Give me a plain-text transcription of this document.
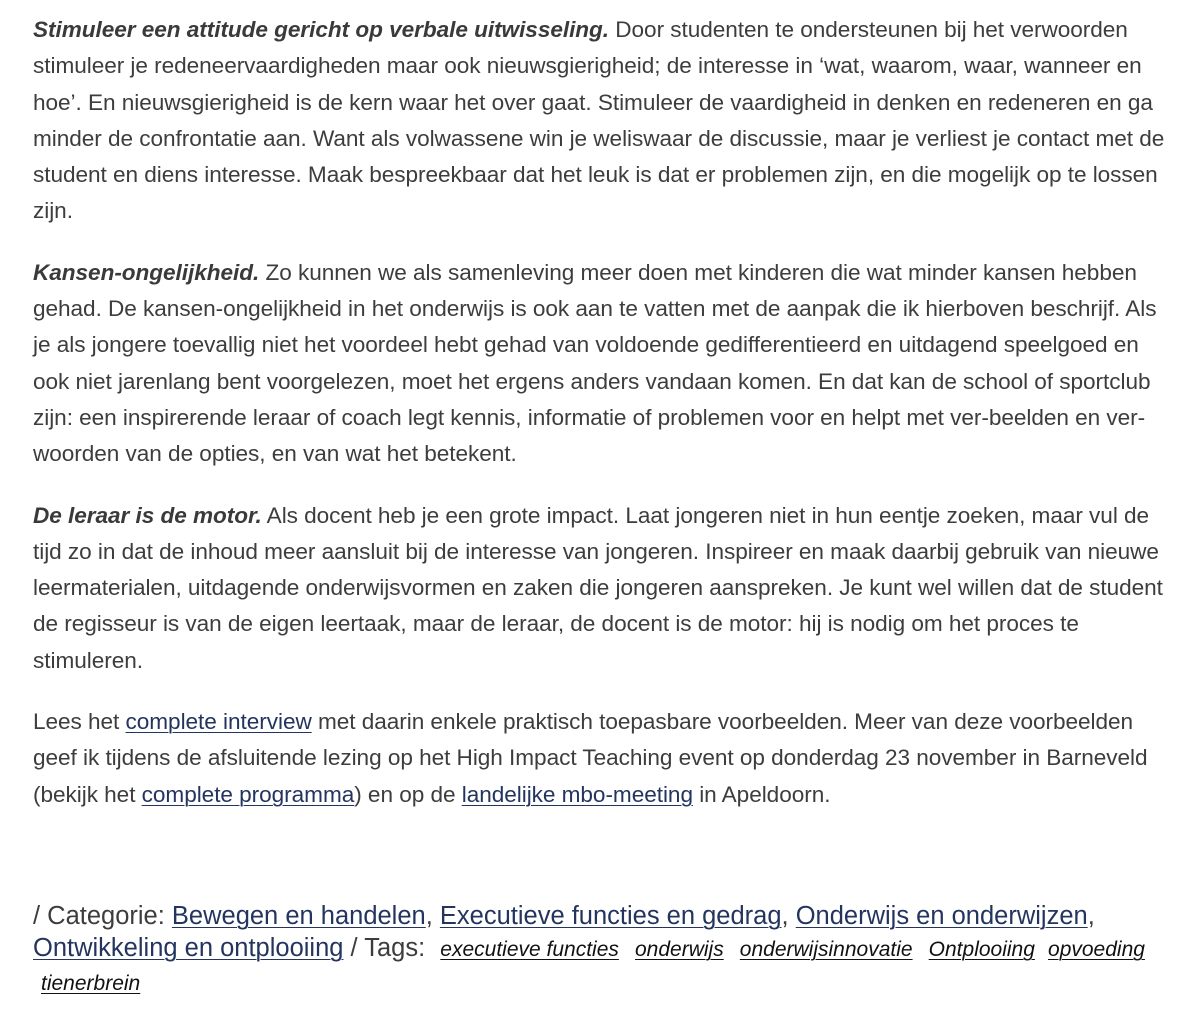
Stimuleer een attitude gericht op verbale uitwisseling. Door studenten te ondersteunen bij het verwoorden stimuleer je redeneervaardigheden maar ook nieuwsgierigheid; de interesse in ‘wat, waarom, waar, wanneer en hoe’. En nieuwsgierigheid is de kern waar het over gaat. Stimuleer de vaardigheid in denken en redeneren en ga minder de confrontatie aan. Want als volwassene win je weliswaar de discussie, maar je verliest je contact met de student en diens interesse. Maak bespreekbaar dat het leuk is dat er problemen zijn, en die mogelijk op te lossen zijn.

Kansen-ongelijkheid. Zo kunnen we als samenleving meer doen met kinderen die wat minder kansen hebben gehad. De kansen-ongelijkheid in het onderwijs is ook aan te vatten met de aanpak die ik hierboven beschrijf. Als je als jongere toevallig niet het voordeel hebt gehad van voldoende gedifferentieerd en uitdagend speelgoed en ook niet jarenlang bent voorgelezen, moet het ergens anders vandaan komen. En dat kan de school of sportclub zijn: een inspirerende leraar of coach legt kennis, informatie of problemen voor en helpt met ver-beelden en ver-woorden van de opties, en van wat het betekent.

De leraar is de motor. Als docent heb je een grote impact. Laat jongeren niet in hun eentje zoeken, maar vul de tijd zo in dat de inhoud meer aansluit bij de interesse van jongeren. Inspireer en maak daarbij gebruik van nieuwe leermaterialen, uitdagende onderwijsvormen en zaken die jongeren aanspreken. Je kunt wel willen dat de student de regisseur is van de eigen leertaak, maar de leraar, de docent is de motor: hij is nodig om het proces te stimuleren.

Lees het complete interview met daarin enkele praktisch toepasbare voorbeelden. Meer van deze voorbeelden geef ik tijdens de afsluitende lezing op het High Impact Teaching event op donderdag 23 november in Barneveld (bekijk het complete programma) en op de landelijke mbo-meeting in Apeldoorn.

/ Categorie: Bewegen en handelen, Executieve functies en gedrag, Onderwijs en onderwijzen, Ontwikkeling en ontplooiing / Tags: executieve functies onderwijs onderwijsinnovatie Ontplooiing opvoeding tienerbrein
